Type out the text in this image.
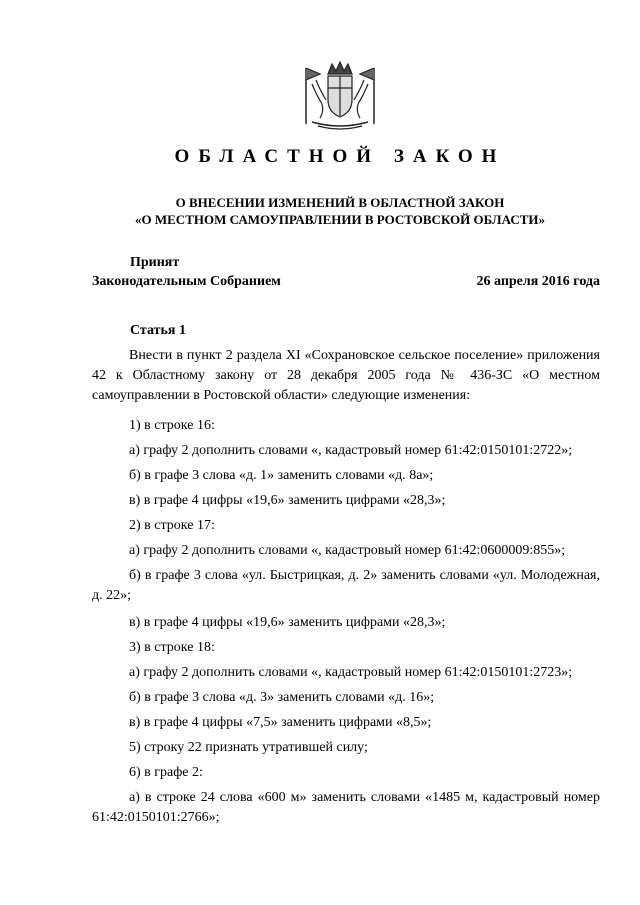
ОБЛАСТНОЙ ЗАКОН
О ВНЕСЕНИИ ИЗМЕНЕНИЙ В ОБЛАСТНОЙ ЗАКОН
«О МЕСТНОМ САМОУПРАВЛЕНИИ В РОСТОВСКОЙ ОБЛАСТИ»
Принят
Законодательным Собранием	26 апреля 2016 года
Статья 1
Внести в пункт 2 раздела XI «Сохрановское сельское поселение» приложения 42 к Областному закону от 28 декабря 2005 года № 436-ЗС «О местном самоуправлении в Ростовской области» следующие изменения:
1) в строке 16:
а) графу 2 дополнить словами «, кадастровый номер 61:42:0150101:2722»;
б) в графе 3 слова «д. 1» заменить словами «д. 8а»;
в) в графе 4 цифры «19,6» заменить цифрами «28,3»;
2) в строке 17:
а) графу 2 дополнить словами «, кадастровый номер 61:42:0600009:855»;
б) в графе 3 слова «ул. Быстрицкая, д. 2» заменить словами «ул. Молодежная, д. 22»;
в) в графе 4 цифры «19,6» заменить цифрами «28,3»;
3) в строке 18:
а) графу 2 дополнить словами «, кадастровый номер 61:42:0150101:2723»;
б) в графе 3 слова «д. 3» заменить словами «д. 16»;
в) в графе 4 цифры «7,5» заменить цифрами «8,5»;
5) строку 22 признать утратившей силу;
6) в графе 2:
а) в строке 24 слова «600 м» заменить словами «1485 м, кадастровый номер 61:42:0150101:2766»;
